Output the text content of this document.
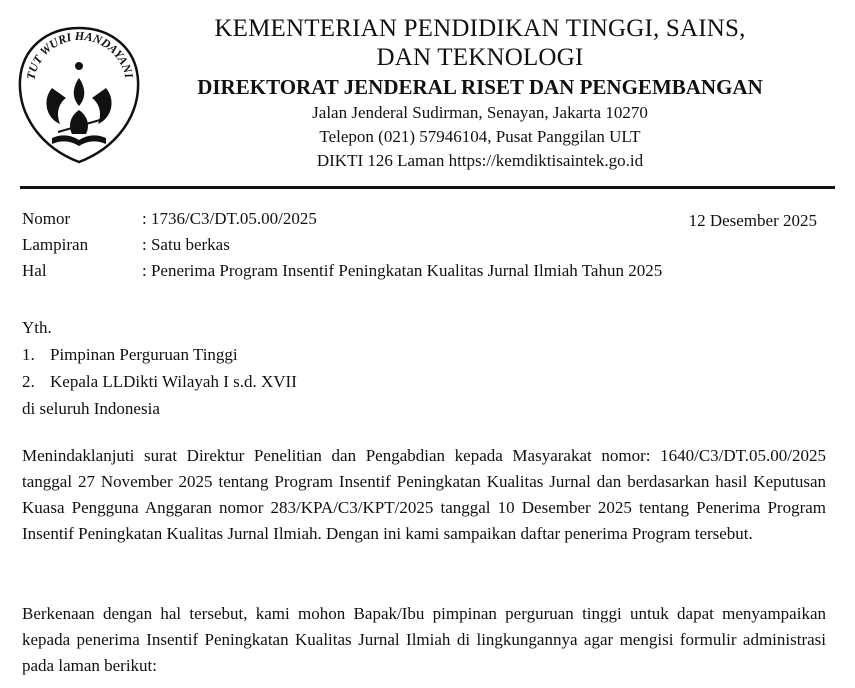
TUT WURI HANDAYANI
KEMENTERIAN PENDIDIKAN TINGGI, SAINS,
DAN TEKNOLOGI
DIREKTORAT JENDERAL RISET DAN PENGEMBANGAN
Jalan Jenderal Sudirman, Senayan, Jakarta 10270
Telepon (021) 57946104, Pusat Panggilan ULT
DIKTI 126 Laman https://kemdiktisaintek.go.id
Nomor	: 1736/C3/DT.05.00/2025	12 Desember 2025
Lampiran	: Satu berkas
Hal	: Penerima Program Insentif Peningkatan Kualitas Jurnal Ilmiah Tahun 2025
Yth.
1. Pimpinan Perguruan Tinggi
2. Kepala LLDikti Wilayah I s.d. XVII
di seluruh Indonesia
Menindaklanjuti surat Direktur Penelitian dan Pengabdian kepada Masyarakat nomor: 1640/C3/DT.05.00/2025 tanggal 27 November 2025 tentang Program Insentif Peningkatan Kualitas Jurnal dan berdasarkan hasil Keputusan Kuasa Pengguna Anggaran nomor 283/KPA/C3/KPT/2025 tanggal 10 Desember 2025 tentang Penerima Program Insentif Peningkatan Kualitas Jurnal Ilmiah. Dengan ini kami sampaikan daftar penerima Program tersebut.
Berkenaan dengan hal tersebut, kami mohon Bapak/Ibu pimpinan perguruan tinggi untuk dapat menyampaikan kepada penerima Insentif Peningkatan Kualitas Jurnal Ilmiah di lingkungannya agar mengisi formulir administrasi pada laman berikut:
